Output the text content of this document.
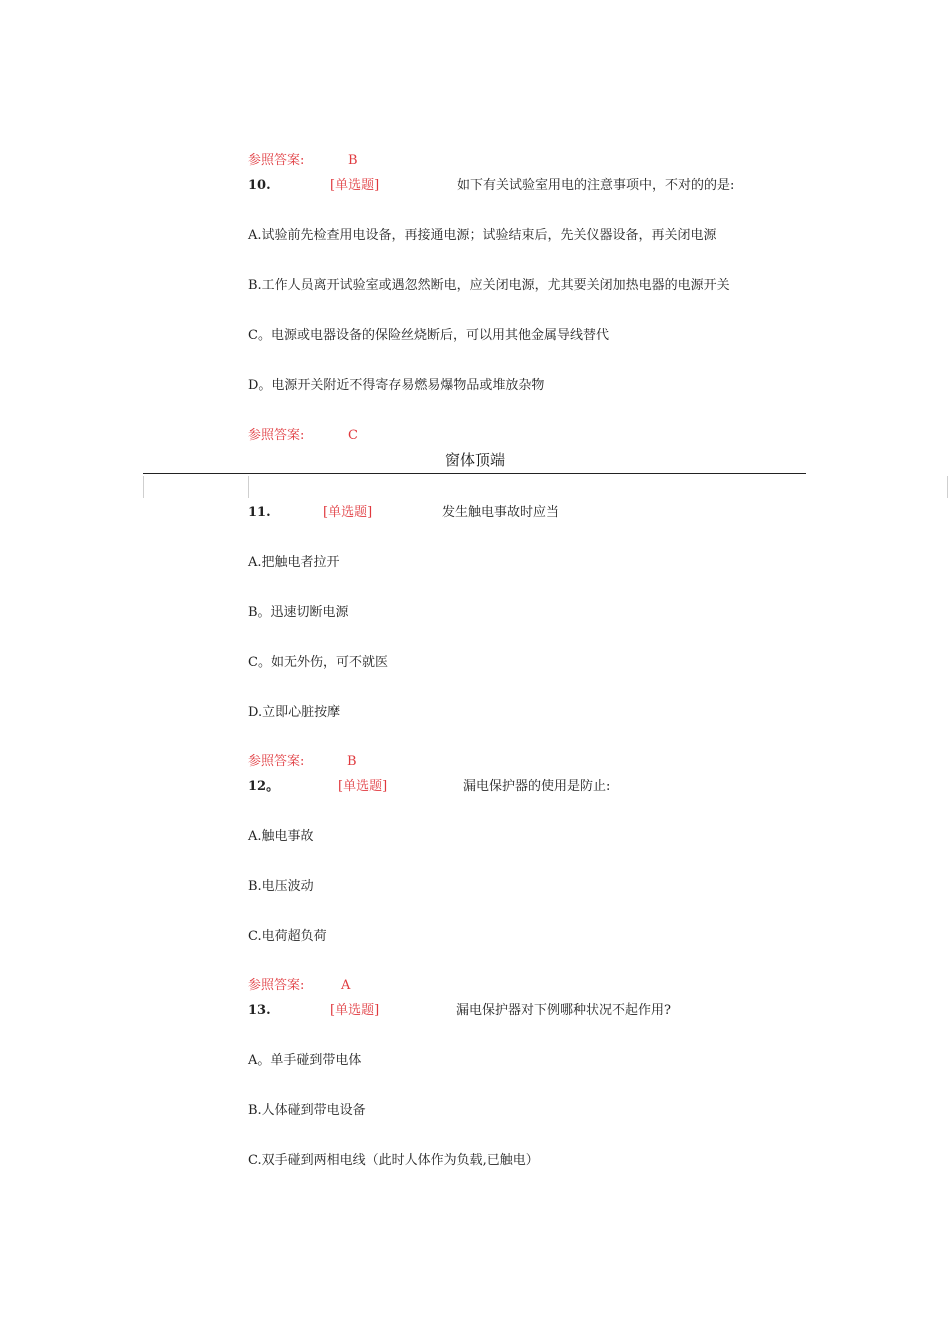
参照答案:	B
10.	[单选题]	如下有关试验室用电的注意事项中，不对的的是:
A.试验前先检查用电设备，再接通电源；试验结束后，先关仪器设备，再关闭电源
B.工作人员离开试验室或遇忽然断电，应关闭电源，尤其要关闭加热电器的电源开关
C。电源或电器设备的保险丝烧断后，可以用其他金属导线替代
D。电源开关附近不得寄存易燃易爆物品或堆放杂物
参照答案:	C
窗体顶端
11.	[单选题]	发生触电事故时应当
A.把触电者拉开
B。迅速切断电源
C。如无外伤，可不就医
D.立即心脏按摩
参照答案:	B
12。	[单选题]	漏电保护器的使用是防止:
A.触电事故
B.电压波动
C.电荷超负荷
参照答案:	A
13.	[单选题]	漏电保护器对下例哪种状况不起作用?
A。单手碰到带电体
B.人体碰到带电设备
C.双手碰到两相电线（此时人体作为负载,已触电）
